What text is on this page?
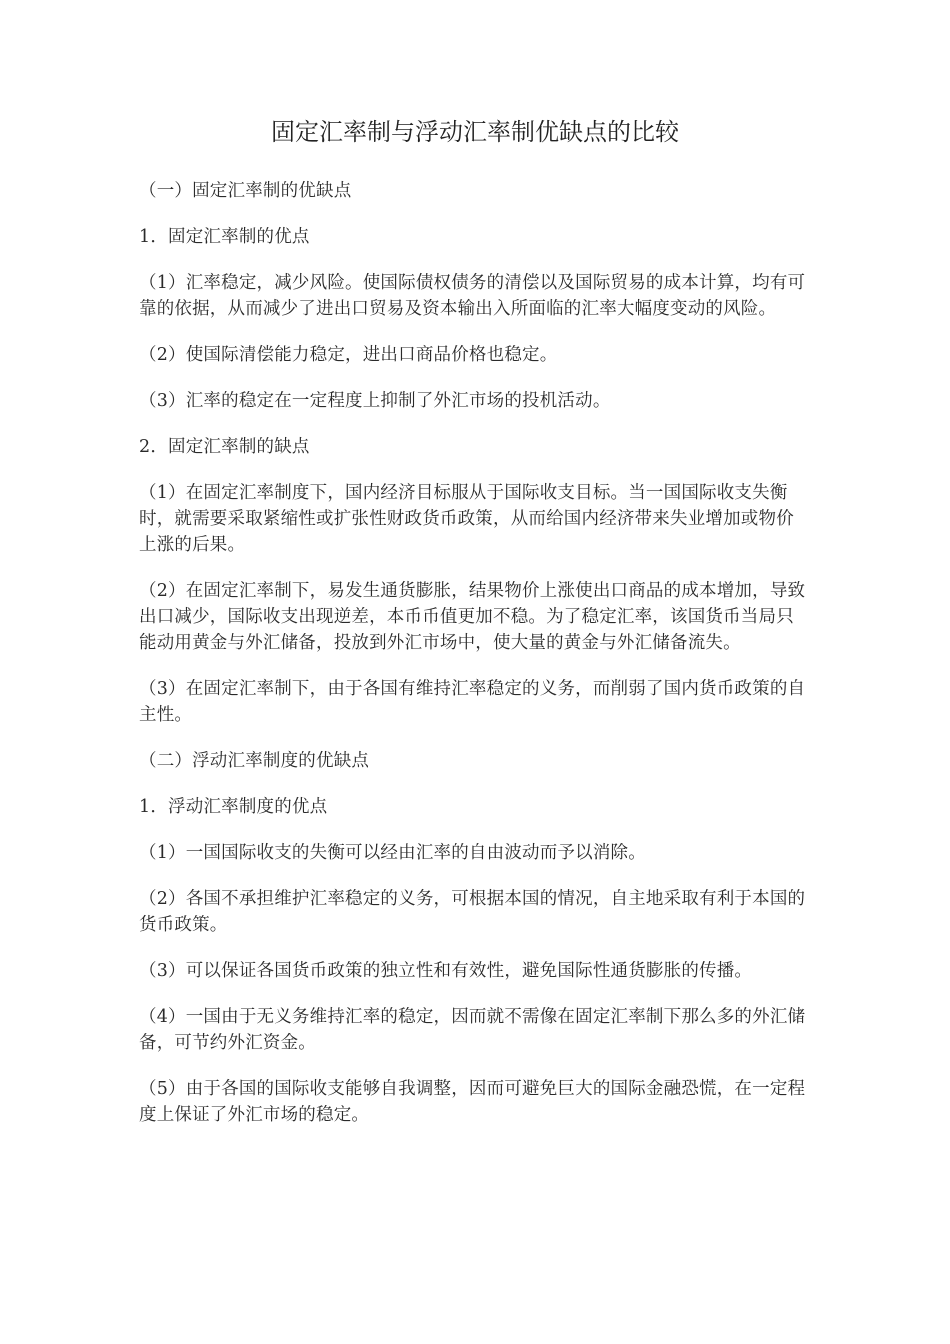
固定汇率制与浮动汇率制优缺点的比较

（一）固定汇率制的优缺点

1．固定汇率制的优点

（1）汇率稳定，减少风险。使国际债权债务的清偿以及国际贸易的成本计算，均有可靠的依据，从而减少了进出口贸易及资本输出入所面临的汇率大幅度变动的风险。

（2）使国际清偿能力稳定，进出口商品价格也稳定。

（3）汇率的稳定在一定程度上抑制了外汇市场的投机活动。

2．固定汇率制的缺点

（1）在固定汇率制度下，国内经济目标服从于国际收支目标。当一国国际收支失衡时，就需要采取紧缩性或扩张性财政货币政策，从而给国内经济带来失业增加或物价上涨的后果。

（2）在固定汇率制下，易发生通货膨胀，结果物价上涨使出口商品的成本增加，导致出口减少，国际收支出现逆差，本币币值更加不稳。为了稳定汇率，该国货币当局只能动用黄金与外汇储备，投放到外汇市场中，使大量的黄金与外汇储备流失。

（3）在固定汇率制下，由于各国有维持汇率稳定的义务，而削弱了国内货币政策的自主性。

（二）浮动汇率制度的优缺点

1．浮动汇率制度的优点

（1）一国国际收支的失衡可以经由汇率的自由波动而予以消除。

（2）各国不承担维护汇率稳定的义务，可根据本国的情况，自主地采取有利于本国的货币政策。

（3）可以保证各国货币政策的独立性和有效性，避免国际性通货膨胀的传播。

（4）一国由于无义务维持汇率的稳定，因而就不需像在固定汇率制下那么多的外汇储备，可节约外汇资金。

（5）由于各国的国际收支能够自我调整，因而可避免巨大的国际金融恐慌，在一定程度上保证了外汇市场的稳定。
